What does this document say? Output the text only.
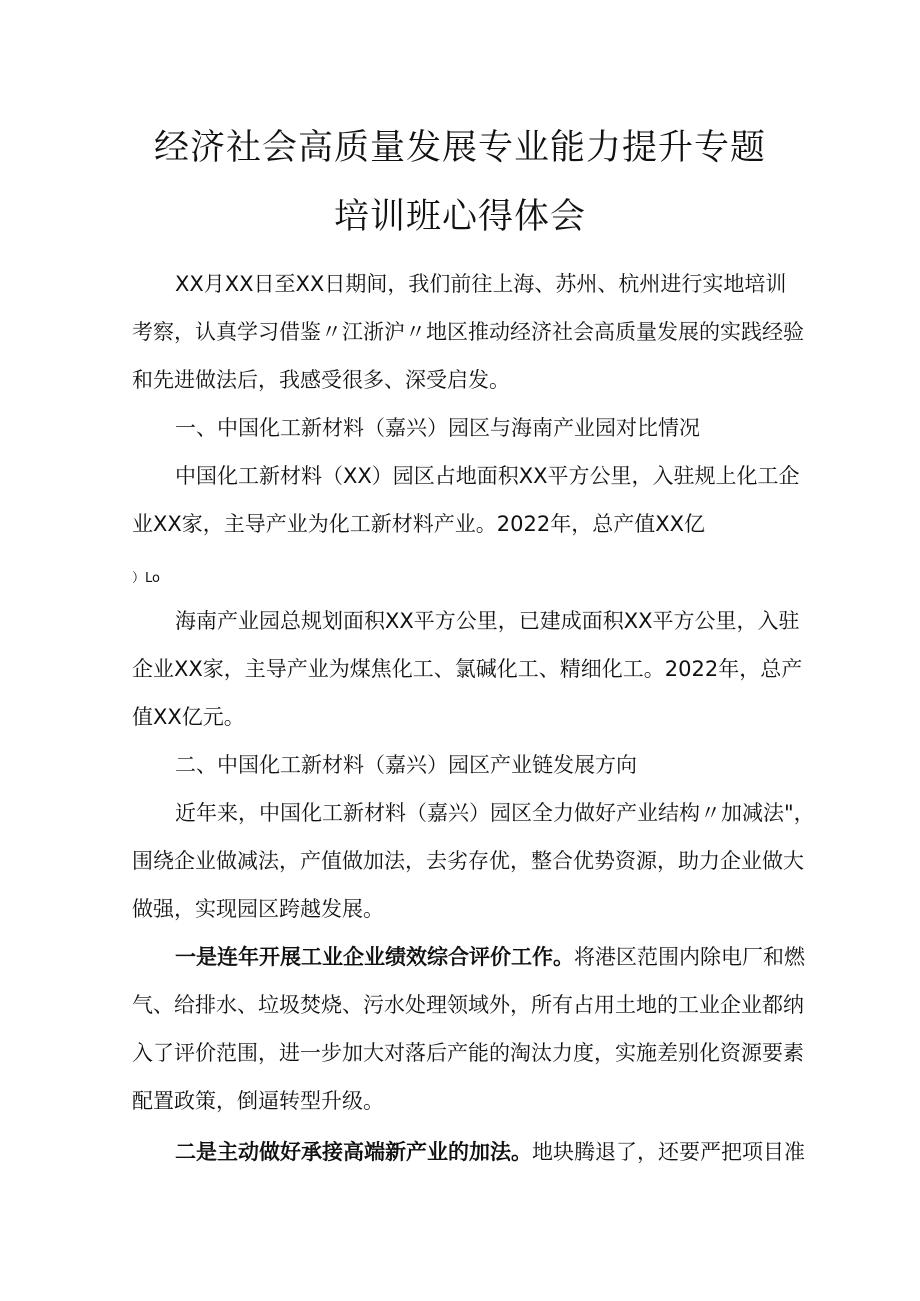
经济社会高质量发展专业能力提升专题
培训班心得体会

XX月XX日至XX日期间，我们前往上海、苏州、杭州进行实地培训

考察，认真学习借鉴〃江浙沪〃地区推动经济社会高质量发展的实践经验

和先进做法后，我感受很多、深受启发。

一、中国化工新材料（嘉兴）园区与海南产业园对比情况

中国化工新材料（XX）园区占地面积XX平方公里，入驻规上化工企

业XX家，主导产业为化工新材料产业。2022年，总产值XX亿

）Lo

海南产业园总规划面积XX平方公里，已建成面积XX平方公里，入驻

企业XX家，主导产业为煤焦化工、氯碱化工、精细化工。2022年，总产

值XX亿元。

二、中国化工新材料（嘉兴）园区产业链发展方向

近年来，中国化工新材料（嘉兴）园区全力做好产业结构〃加减法"，

围绕企业做减法，产值做加法，去劣存优，整合优势资源，助力企业做大

做强，实现园区跨越发展。

一是连年开展工业企业绩效综合评价工作。将港区范围内除电厂和燃

气、给排水、垃圾焚烧、污水处理领域外，所有占用土地的工业企业都纳

入了评价范围，进一步加大对落后产能的淘汰力度，实施差别化资源要素

配置政策，倒逼转型升级。

二是主动做好承接高端新产业的加法。地块腾退了，还要严把项目准
